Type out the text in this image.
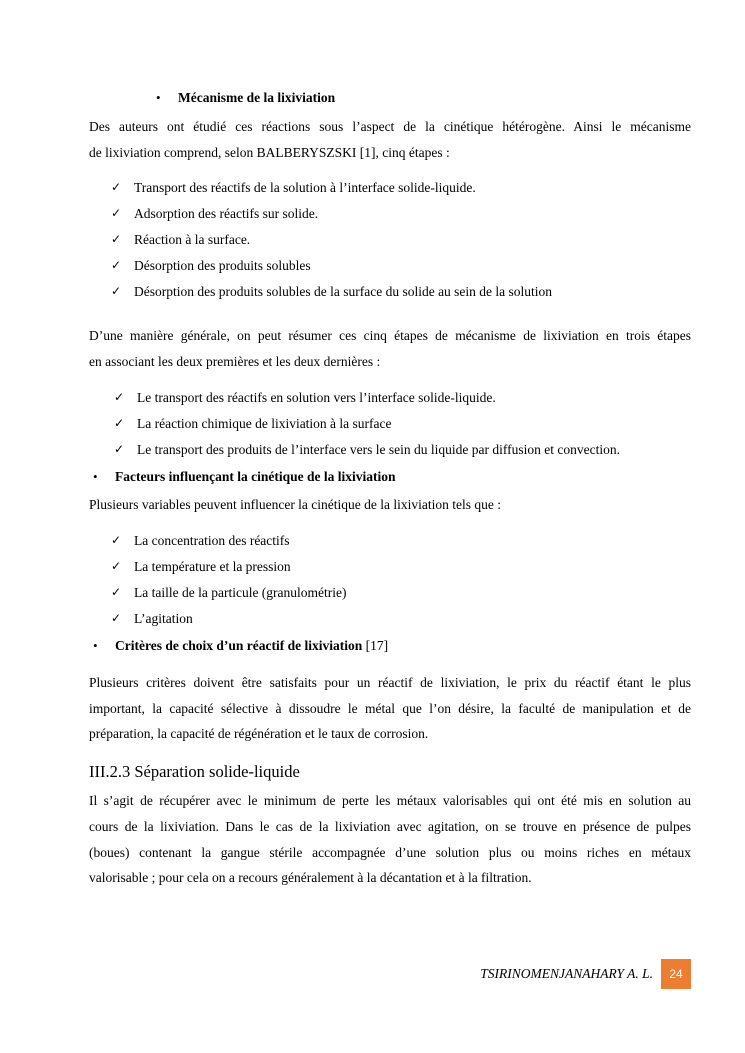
• Mécanisme de la lixiviation
Des auteurs ont étudié ces réactions sous l’aspect de la cinétique hétérogène. Ainsi le mécanisme
de lixiviation comprend, selon BALBERYSZSKI [1], cinq étapes :
✓ Transport des réactifs de la solution à l’interface solide-liquide.
✓ Adsorption des réactifs sur solide.
✓ Réaction à la surface.
✓ Désorption des produits solubles
✓ Désorption des produits solubles de la surface du solide au sein de la solution
D’une manière générale, on peut résumer ces cinq étapes de mécanisme de lixiviation en trois étapes
en associant les deux premières et les deux dernières :
✓ Le transport des réactifs en solution vers l’interface solide-liquide.
✓ La réaction chimique de lixiviation à la surface
✓ Le transport des produits de l’interface vers le sein du liquide par diffusion et convection.
• Facteurs influençant la cinétique de la lixiviation
Plusieurs variables peuvent influencer la cinétique de la lixiviation tels que :
✓ La concentration des réactifs
✓ La température et la pression
✓ La taille de la particule (granulométrie)
✓ L’agitation
• Critères de choix d’un réactif de lixiviation [17]
Plusieurs critères doivent être satisfaits pour un réactif de lixiviation, le prix du réactif étant le plus
important, la capacité sélective à dissoudre le métal que l’on désire, la faculté de manipulation et de
préparation, la capacité de régénération et le taux de corrosion.
III.2.3 Séparation solide-liquide
Il s’agit de récupérer avec le minimum de perte les métaux valorisables qui ont été mis en solution au
cours de la lixiviation. Dans le cas de la lixiviation avec agitation, on se trouve en présence de pulpes
(boues) contenant la gangue stérile accompagnée d’une solution plus ou moins riches en métaux
valorisable ; pour cela on a recours généralement à la décantation et à la filtration.
TSIRINOMENJANAHARY A. L.	24
